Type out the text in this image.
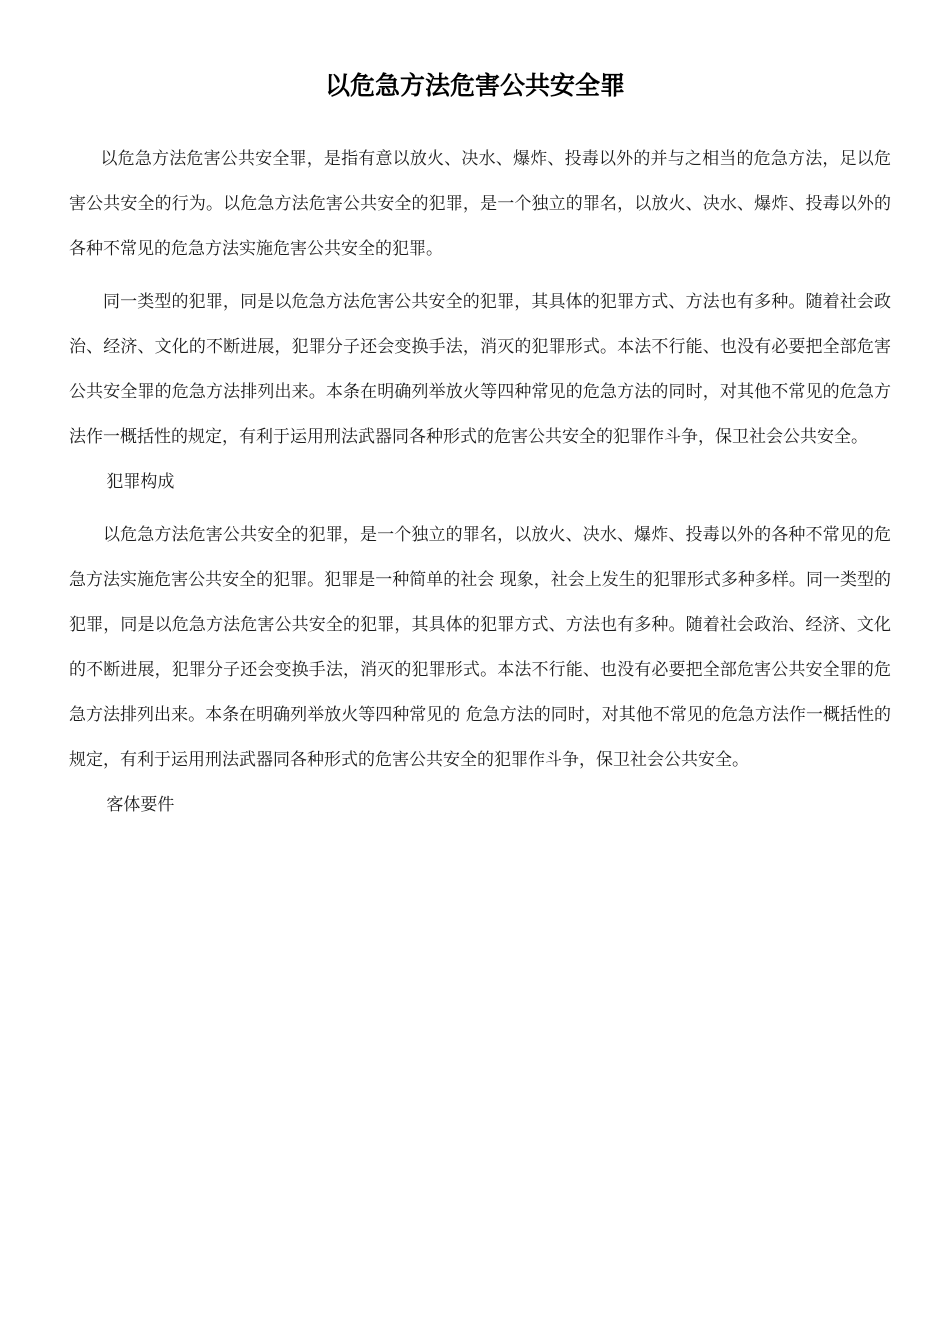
以危急方法危害公共安全罪

以危急方法危害公共安全罪，是指有意以放火、决水、爆炸、投毒以外的并与之相当的危急方法，足以危害公共安全的行为。以危急方法危害公共安全的犯罪，是一个独立的罪名，以放火、决水、爆炸、投毒以外的各种不常见的危急方法实施危害公共安全的犯罪。

同一类型的犯罪，同是以危急方法危害公共安全的犯罪，其具体的犯罪方式、方法也有多种。随着社会政治、经济、文化的不断进展，犯罪分子还会变换手法，消灭的犯罪形式。本法不行能、也没有必要把全部危害公共安全罪的危急方法排列出来。本条在明确列举放火等四种常见的危急方法的同时，对其他不常见的危急方法作一概括性的规定，有利于运用刑法武器同各种形式的危害公共安全的犯罪作斗争，保卫社会公共安全。

犯罪构成

以危急方法危害公共安全的犯罪，是一个独立的罪名，以放火、决水、爆炸、投毒以外的各种不常见的危急方法实施危害公共安全的犯罪。犯罪是一种简单的社会 现象，社会上发生的犯罪形式多种多样。同一类型的犯罪，同是以危急方法危害公共安全的犯罪，其具体的犯罪方式、方法也有多种。随着社会政治、经济、文化的不断进展，犯罪分子还会变换手法，消灭的犯罪形式。本法不行能、也没有必要把全部危害公共安全罪的危急方法排列出来。本条在明确列举放火等四种常见的 危急方法的同时，对其他不常见的危急方法作一概括性的规定，有利于运用刑法武器同各种形式的危害公共安全的犯罪作斗争，保卫社会公共安全。

客体要件
